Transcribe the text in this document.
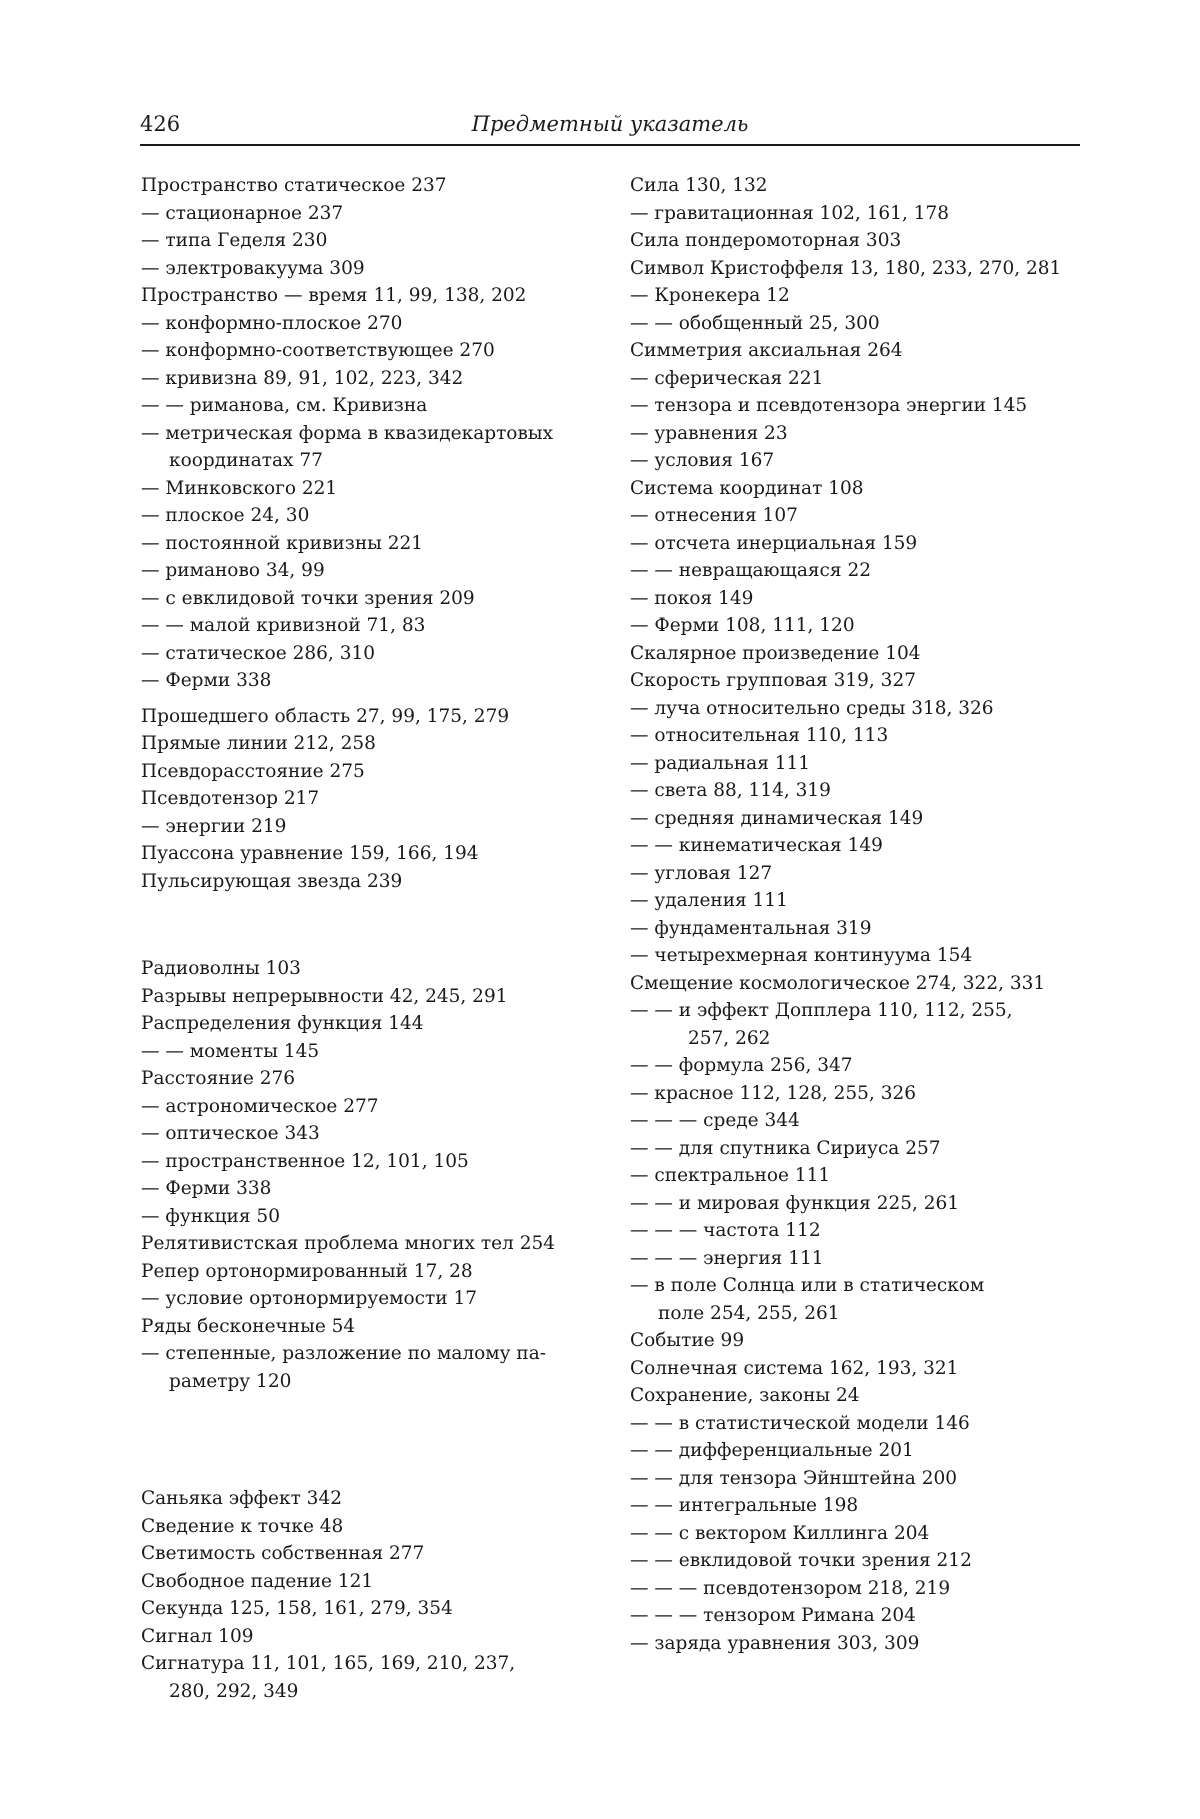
426	Предметный указатель
Пространство статическое 237
— стационарное 237
— типа Геделя 230
— электровакуума 309
Пространство — время 11, 99, 138, 202
— конформно-плоское 270
— конформно-соответствующее 270
— кривизна 89, 91, 102, 223, 342
— — риманова, см. Кривизна
— метрическая форма в квазидекартовых
координатах 77
— Минковского 221
— плоское 24, 30
— постоянной кривизны 221
— риманово 34, 99
— с евклидовой точки зрения 209
— — малой кривизной 71, 83
— статическое 286, 310
— Ферми 338
Прошедшего область 27, 99, 175, 279
Прямые линии 212, 258
Псевдорасстояние 275
Псевдотензор 217
— энергии 219
Пуассона уравнение 159, 166, 194
Пульсирующая звезда 239
Радиоволны 103
Разрывы непрерывности 42, 245, 291
Распределения функция 144
— — моменты 145
Расстояние 276
— астрономическое 277
— оптическое 343
— пространственное 12, 101, 105
— Ферми 338
— функция 50
Релятивистская проблема многих тел 254
Репер ортонормированный 17, 28
— условие ортонормируемости 17
Ряды бесконечные 54
— степенные, разложение по малому па-
раметру 120
Саньяка эффект 342
Сведение к точке 48
Светимость собственная 277
Свободное падение 121
Секунда 125, 158, 161, 279, 354
Сигнал 109
Сигнатура 11, 101, 165, 169, 210, 237,
280, 292, 349
Сила 130, 132
— гравитационная 102, 161, 178
Сила пондеромоторная 303
Символ Кристоффеля 13, 180, 233, 270, 281
— Кронекера 12
— — обобщенный 25, 300
Симметрия аксиальная 264
— сферическая 221
— тензора и псевдотензора энергии 145
— уравнения 23
— условия 167
Система координат 108
— отнесения 107
— отсчета инерциальная 159
— — невращающаяся 22
— покоя 149
— Ферми 108, 111, 120
Скалярное произведение 104
Скорость групповая 319, 327
— луча относительно среды 318, 326
— относительная 110, 113
— радиальная 111
— света 88, 114, 319
— средняя динамическая 149
— — кинематическая 149
— угловая 127
— удаления 111
— фундаментальная 319
— четырехмерная континуума 154
Смещение космологическое 274, 322, 331
— — и эффект Допплера 110, 112, 255,
257, 262
— — формула 256, 347
— красное 112, 128, 255, 326
— — — среде 344
— — для спутника Сириуса 257
— спектральное 111
— — и мировая функция 225, 261
— — — частота 112
— — — энергия 111
— в поле Солнца или в статическом
поле 254, 255, 261
Событие 99
Солнечная система 162, 193, 321
Сохранение, законы 24
— — в статистической модели 146
— — дифференциальные 201
— — для тензора Эйнштейна 200
— — интегральные 198
— — с вектором Киллинга 204
— — евклидовой точки зрения 212
— — — псевдотензором 218, 219
— — — тензором Римана 204
— заряда уравнения 303, 309
